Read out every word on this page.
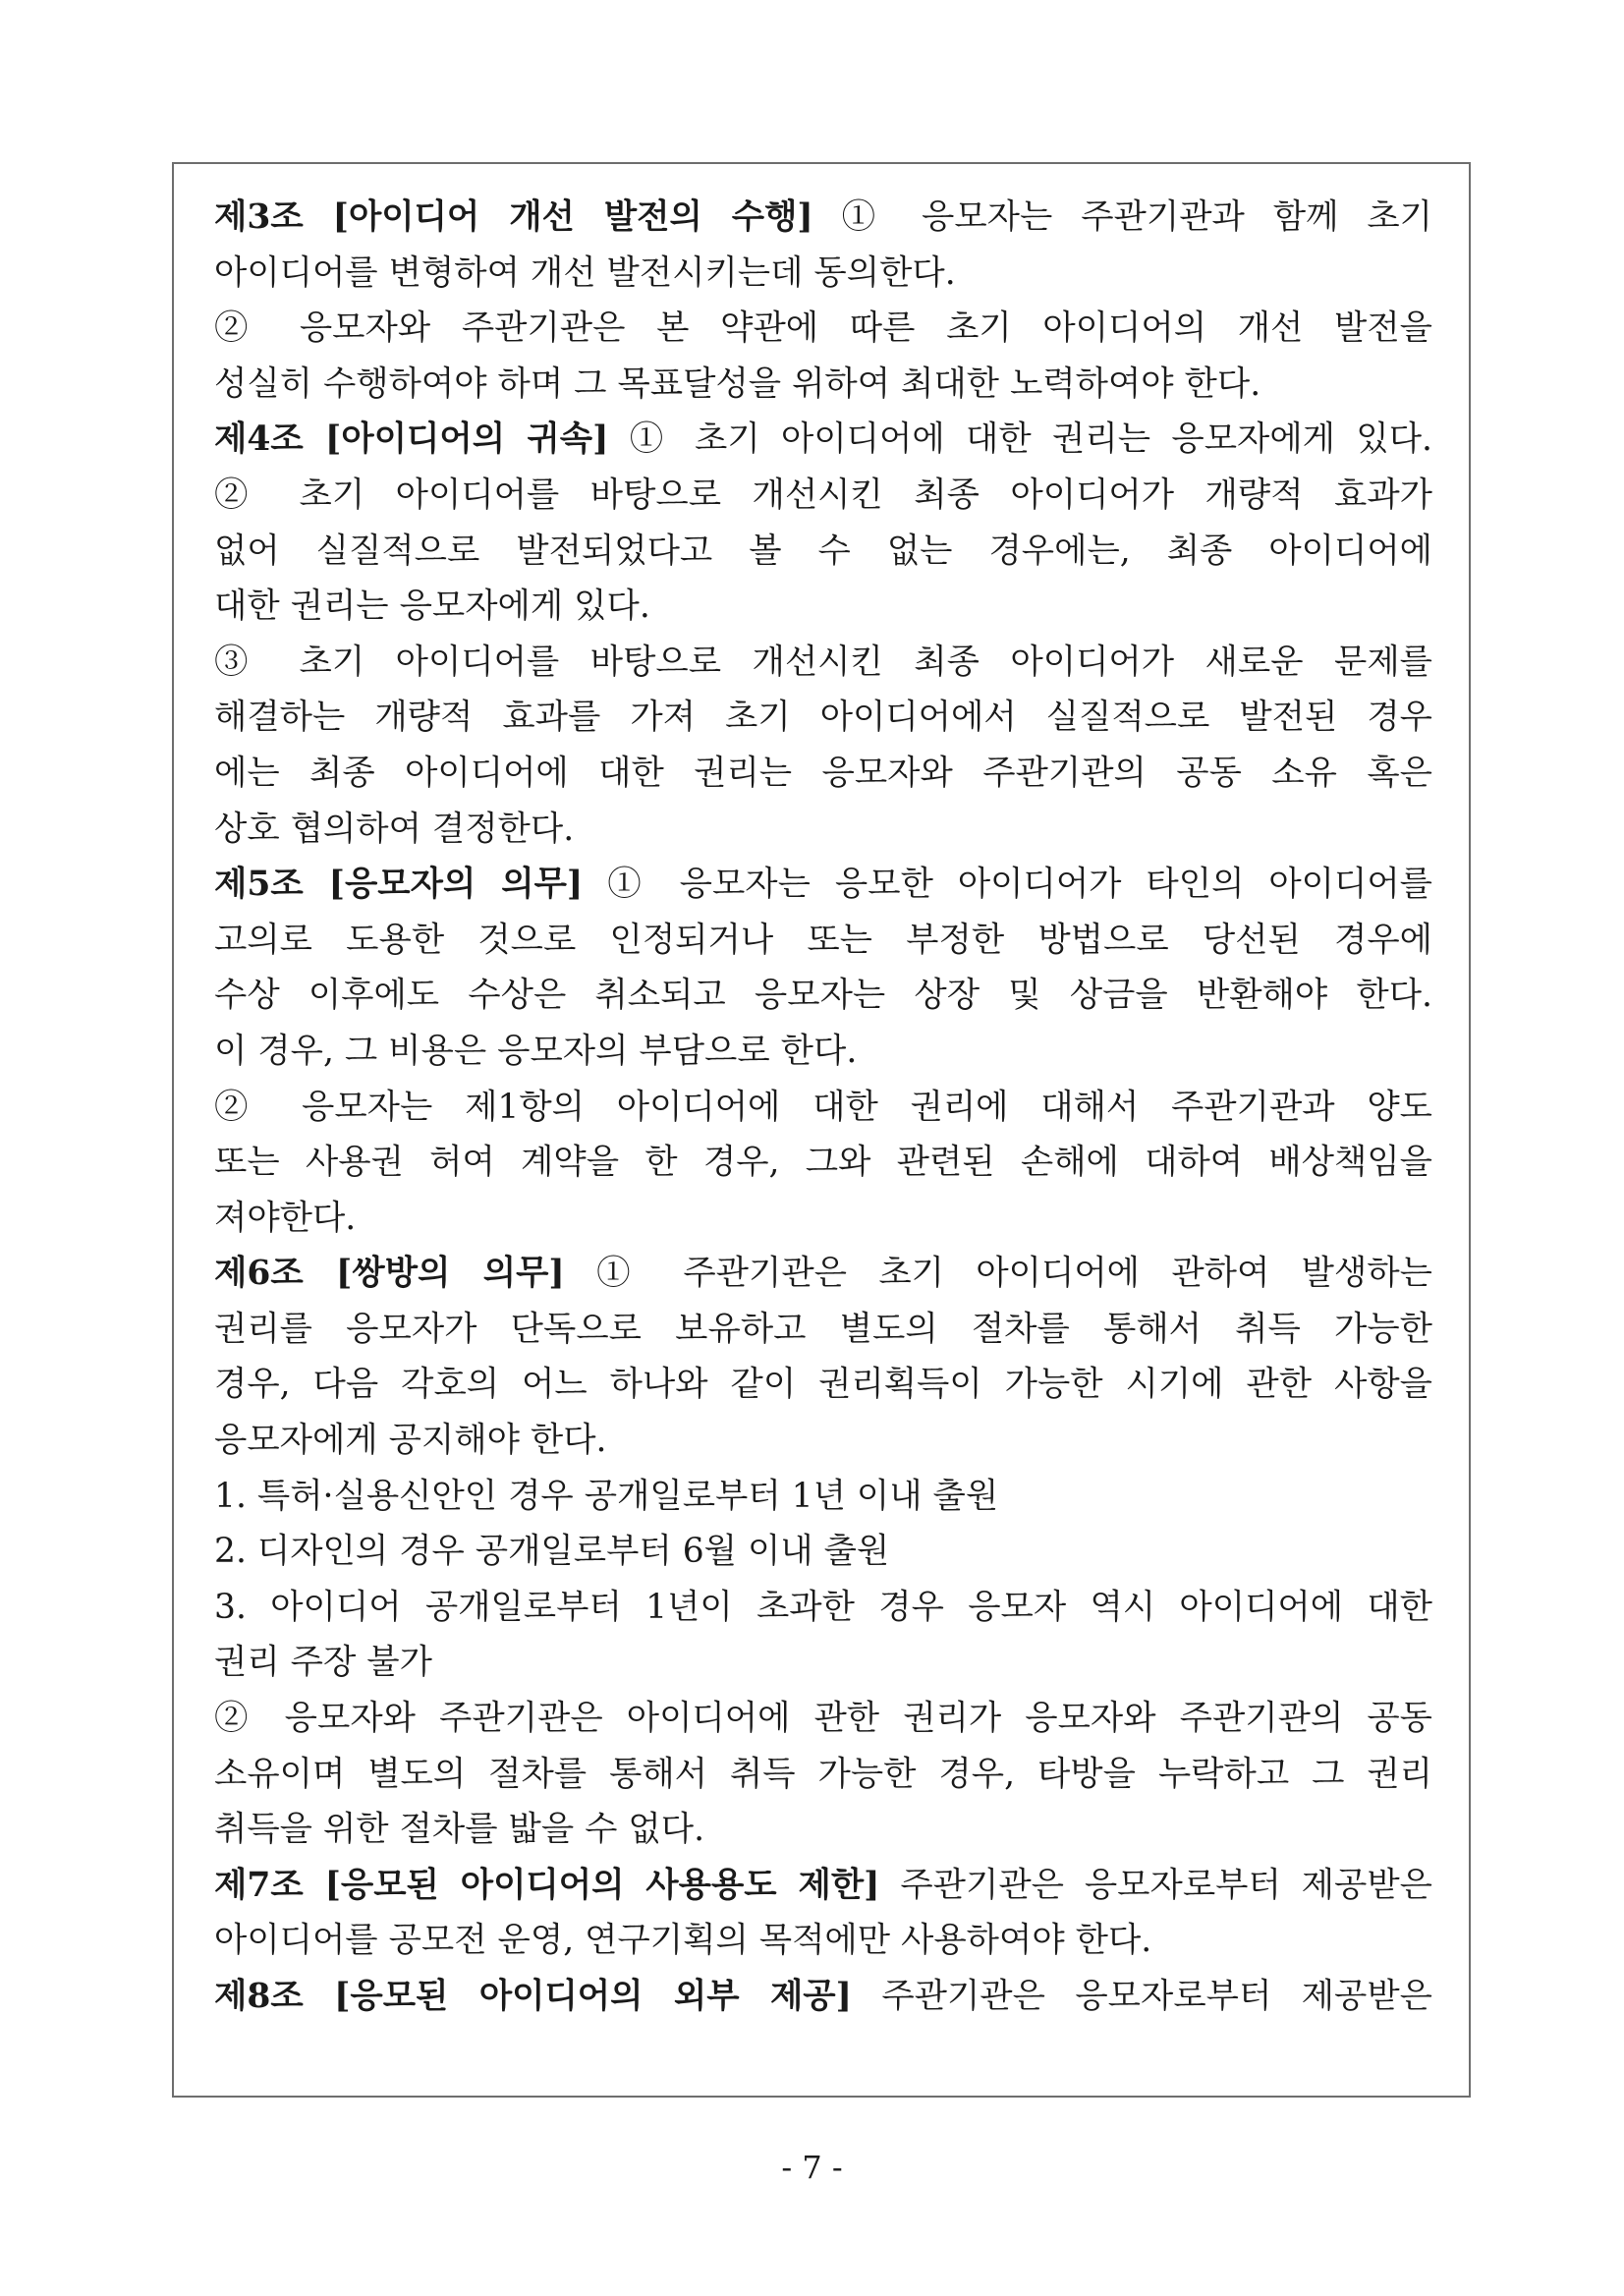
제3조 [아이디어 개선 발전의 수행] ① 응모자는 주관기관과 함께 초기
아이디어를 변형하여 개선 발전시키는데 동의한다.
② 응모자와 주관기관은 본 약관에 따른 초기 아이디어의 개선 발전을
성실히 수행하여야 하며 그 목표달성을 위하여 최대한 노력하여야 한다.
제4조 [아이디어의 귀속] ① 초기 아이디어에 대한 권리는 응모자에게 있다.
② 초기 아이디어를 바탕으로 개선시킨 최종 아이디어가 개량적 효과가
없어 실질적으로 발전되었다고 볼 수 없는 경우에는, 최종 아이디어에
대한 권리는 응모자에게 있다.
③ 초기 아이디어를 바탕으로 개선시킨 최종 아이디어가 새로운 문제를
해결하는 개량적 효과를 가져 초기 아이디어에서 실질적으로 발전된 경우
에는 최종 아이디어에 대한 권리는 응모자와 주관기관의 공동 소유 혹은
상호 협의하여 결정한다.
제5조 [응모자의 의무] ① 응모자는 응모한 아이디어가 타인의 아이디어를
고의로 도용한 것으로 인정되거나 또는 부정한 방법으로 당선된 경우에
수상 이후에도 수상은 취소되고 응모자는 상장 및 상금을 반환해야 한다.
이 경우, 그 비용은 응모자의 부담으로 한다.
② 응모자는 제1항의 아이디어에 대한 권리에 대해서 주관기관과 양도
또는 사용권 허여 계약을 한 경우, 그와 관련된 손해에 대하여 배상책임을
져야한다.
제6조 [쌍방의 의무] ① 주관기관은 초기 아이디어에 관하여 발생하는
권리를 응모자가 단독으로 보유하고 별도의 절차를 통해서 취득 가능한
경우, 다음 각호의 어느 하나와 같이 권리획득이 가능한 시기에 관한 사항을
응모자에게 공지해야 한다.
1. 특허·실용신안인 경우 공개일로부터 1년 이내 출원
2. 디자인의 경우 공개일로부터 6월 이내 출원
3. 아이디어 공개일로부터 1년이 초과한 경우 응모자 역시 아이디어에 대한
권리 주장 불가
② 응모자와 주관기관은 아이디어에 관한 권리가 응모자와 주관기관의 공동
소유이며 별도의 절차를 통해서 취득 가능한 경우, 타방을 누락하고 그 권리
취득을 위한 절차를 밟을 수 없다.
제7조 [응모된 아이디어의 사용용도 제한] 주관기관은 응모자로부터 제공받은
아이디어를 공모전 운영, 연구기획의 목적에만 사용하여야 한다.
제8조 [응모된 아이디어의 외부 제공] 주관기관은 응모자로부터 제공받은
- 7 -
